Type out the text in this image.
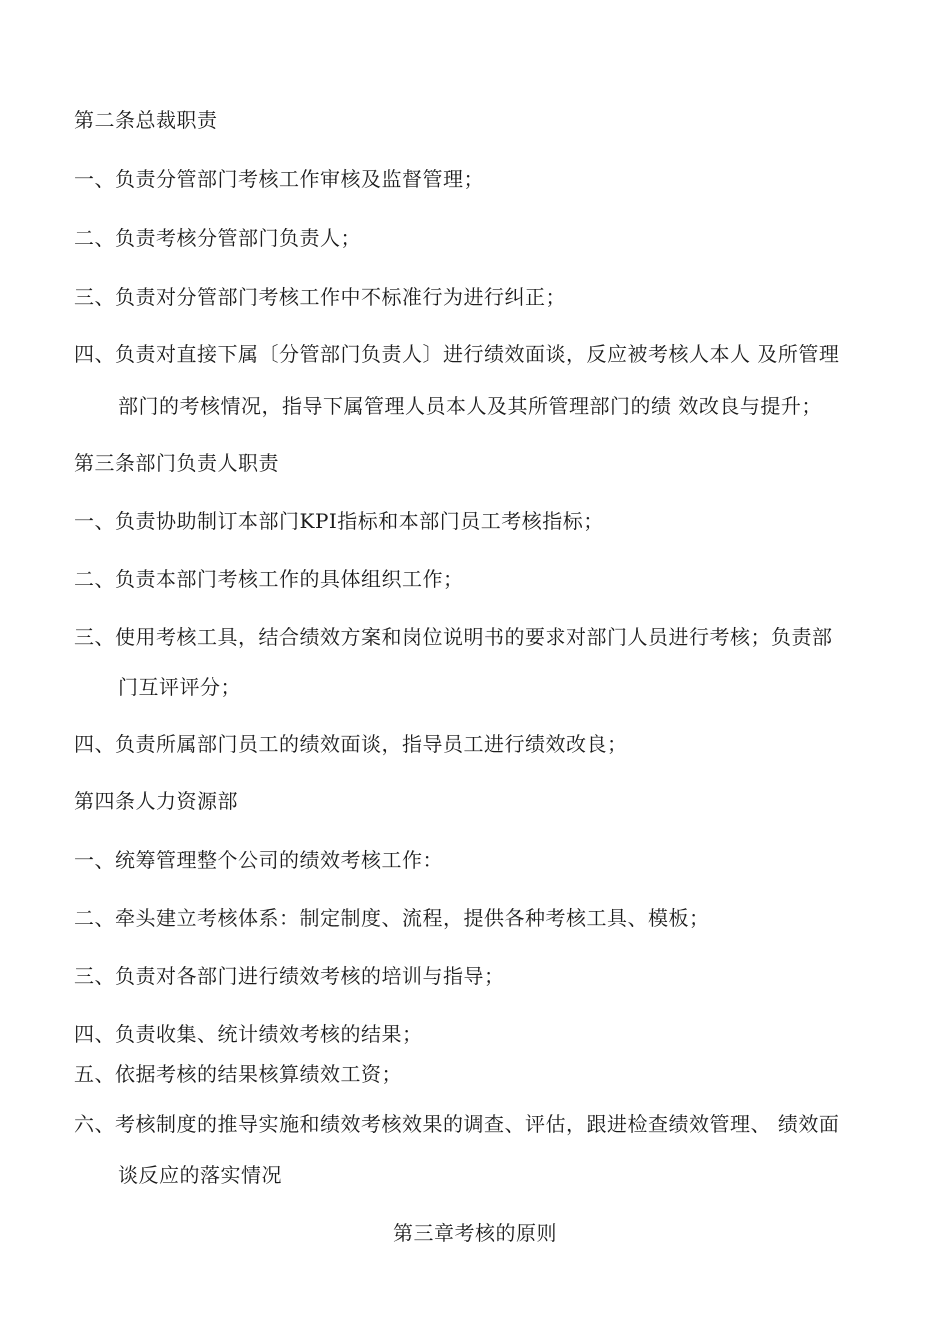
第二条总裁职责
一、负责分管部门考核工作审核及监督管理；
二、负责考核分管部门负责人；
三、负责对分管部门考核工作中不标准行为进行纠正；
四、负责对直接下属〔分管部门负责人〕进行绩效面谈，反应被考核人本人 及所管理
部门的考核情况，指导下属管理人员本人及其所管理部门的绩 效改良与提升；
第三条部门负责人职责
一、负责协助制订本部门KPI指标和本部门员工考核指标；
二、负责本部门考核工作的具体组织工作；
三、使用考核工具，结合绩效方案和岗位说明书的要求对部门人员进行考核；负责部
门互评评分；
四、负责所属部门员工的绩效面谈，指导员工进行绩效改良；
第四条人力资源部
一、统筹管理整个公司的绩效考核工作：
二、牵头建立考核体系：制定制度、流程，提供各种考核工具、模板；
三、负责对各部门进行绩效考核的培训与指导；
四、负责收集、统计绩效考核的结果；
五、依据考核的结果核算绩效工资；
六、考核制度的推导实施和绩效考核效果的调查、评估，跟进检查绩效管理、 绩效面
谈反应的落实情况
第三章考核的原则
